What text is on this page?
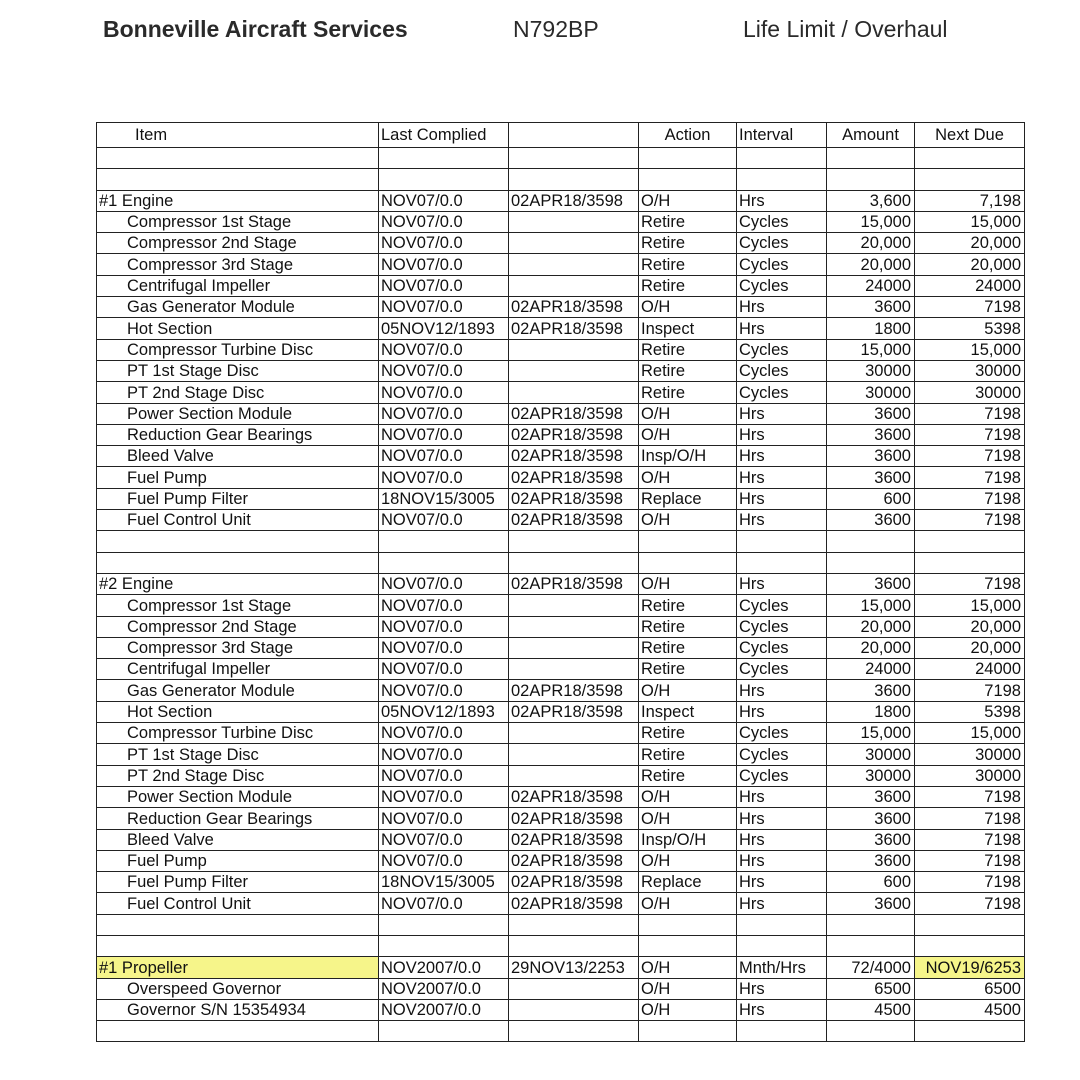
Bonneville Aircraft Services	N792BP	Life Limit / Overhaul
Item	Last Complied		Action	Interval	Amount	Next Due

#1 Engine	NOV07/0.0	02APR18/3598	O/H	Hrs	3,600	7,198
Compressor 1st Stage	NOV07/0.0		Retire	Cycles	15,000	15,000
Compressor 2nd Stage	NOV07/0.0		Retire	Cycles	20,000	20,000
Compressor 3rd Stage	NOV07/0.0		Retire	Cycles	20,000	20,000
Centrifugal Impeller	NOV07/0.0		Retire	Cycles	24000	24000
Gas Generator Module	NOV07/0.0	02APR18/3598	O/H	Hrs	3600	7198
Hot Section	05NOV12/1893	02APR18/3598	Inspect	Hrs	1800	5398
Compressor Turbine Disc	NOV07/0.0		Retire	Cycles	15,000	15,000
PT 1st Stage Disc	NOV07/0.0		Retire	Cycles	30000	30000
PT 2nd Stage Disc	NOV07/0.0		Retire	Cycles	30000	30000
Power Section Module	NOV07/0.0	02APR18/3598	O/H	Hrs	3600	7198
Reduction Gear Bearings	NOV07/0.0	02APR18/3598	O/H	Hrs	3600	7198
Bleed Valve	NOV07/0.0	02APR18/3598	Insp/O/H	Hrs	3600	7198
Fuel Pump	NOV07/0.0	02APR18/3598	O/H	Hrs	3600	7198
Fuel Pump Filter	18NOV15/3005	02APR18/3598	Replace	Hrs	600	7198
Fuel Control Unit	NOV07/0.0	02APR18/3598	O/H	Hrs	3600	7198

#2 Engine	NOV07/0.0	02APR18/3598	O/H	Hrs	3600	7198
Compressor 1st Stage	NOV07/0.0		Retire	Cycles	15,000	15,000
Compressor 2nd Stage	NOV07/0.0		Retire	Cycles	20,000	20,000
Compressor 3rd Stage	NOV07/0.0		Retire	Cycles	20,000	20,000
Centrifugal Impeller	NOV07/0.0		Retire	Cycles	24000	24000
Gas Generator Module	NOV07/0.0	02APR18/3598	O/H	Hrs	3600	7198
Hot Section	05NOV12/1893	02APR18/3598	Inspect	Hrs	1800	5398
Compressor Turbine Disc	NOV07/0.0		Retire	Cycles	15,000	15,000
PT 1st Stage Disc	NOV07/0.0		Retire	Cycles	30000	30000
PT 2nd Stage Disc	NOV07/0.0		Retire	Cycles	30000	30000
Power Section Module	NOV07/0.0	02APR18/3598	O/H	Hrs	3600	7198
Reduction Gear Bearings	NOV07/0.0	02APR18/3598	O/H	Hrs	3600	7198
Bleed Valve	NOV07/0.0	02APR18/3598	Insp/O/H	Hrs	3600	7198
Fuel Pump	NOV07/0.0	02APR18/3598	O/H	Hrs	3600	7198
Fuel Pump Filter	18NOV15/3005	02APR18/3598	Replace	Hrs	600	7198
Fuel Control Unit	NOV07/0.0	02APR18/3598	O/H	Hrs	3600	7198

#1 Propeller	NOV2007/0.0	29NOV13/2253	O/H	Mnth/Hrs	72/4000	NOV19/6253
Overspeed Governor	NOV2007/0.0		O/H	Hrs	6500	6500
Governor S/N 15354934	NOV2007/0.0		O/H	Hrs	4500	4500
